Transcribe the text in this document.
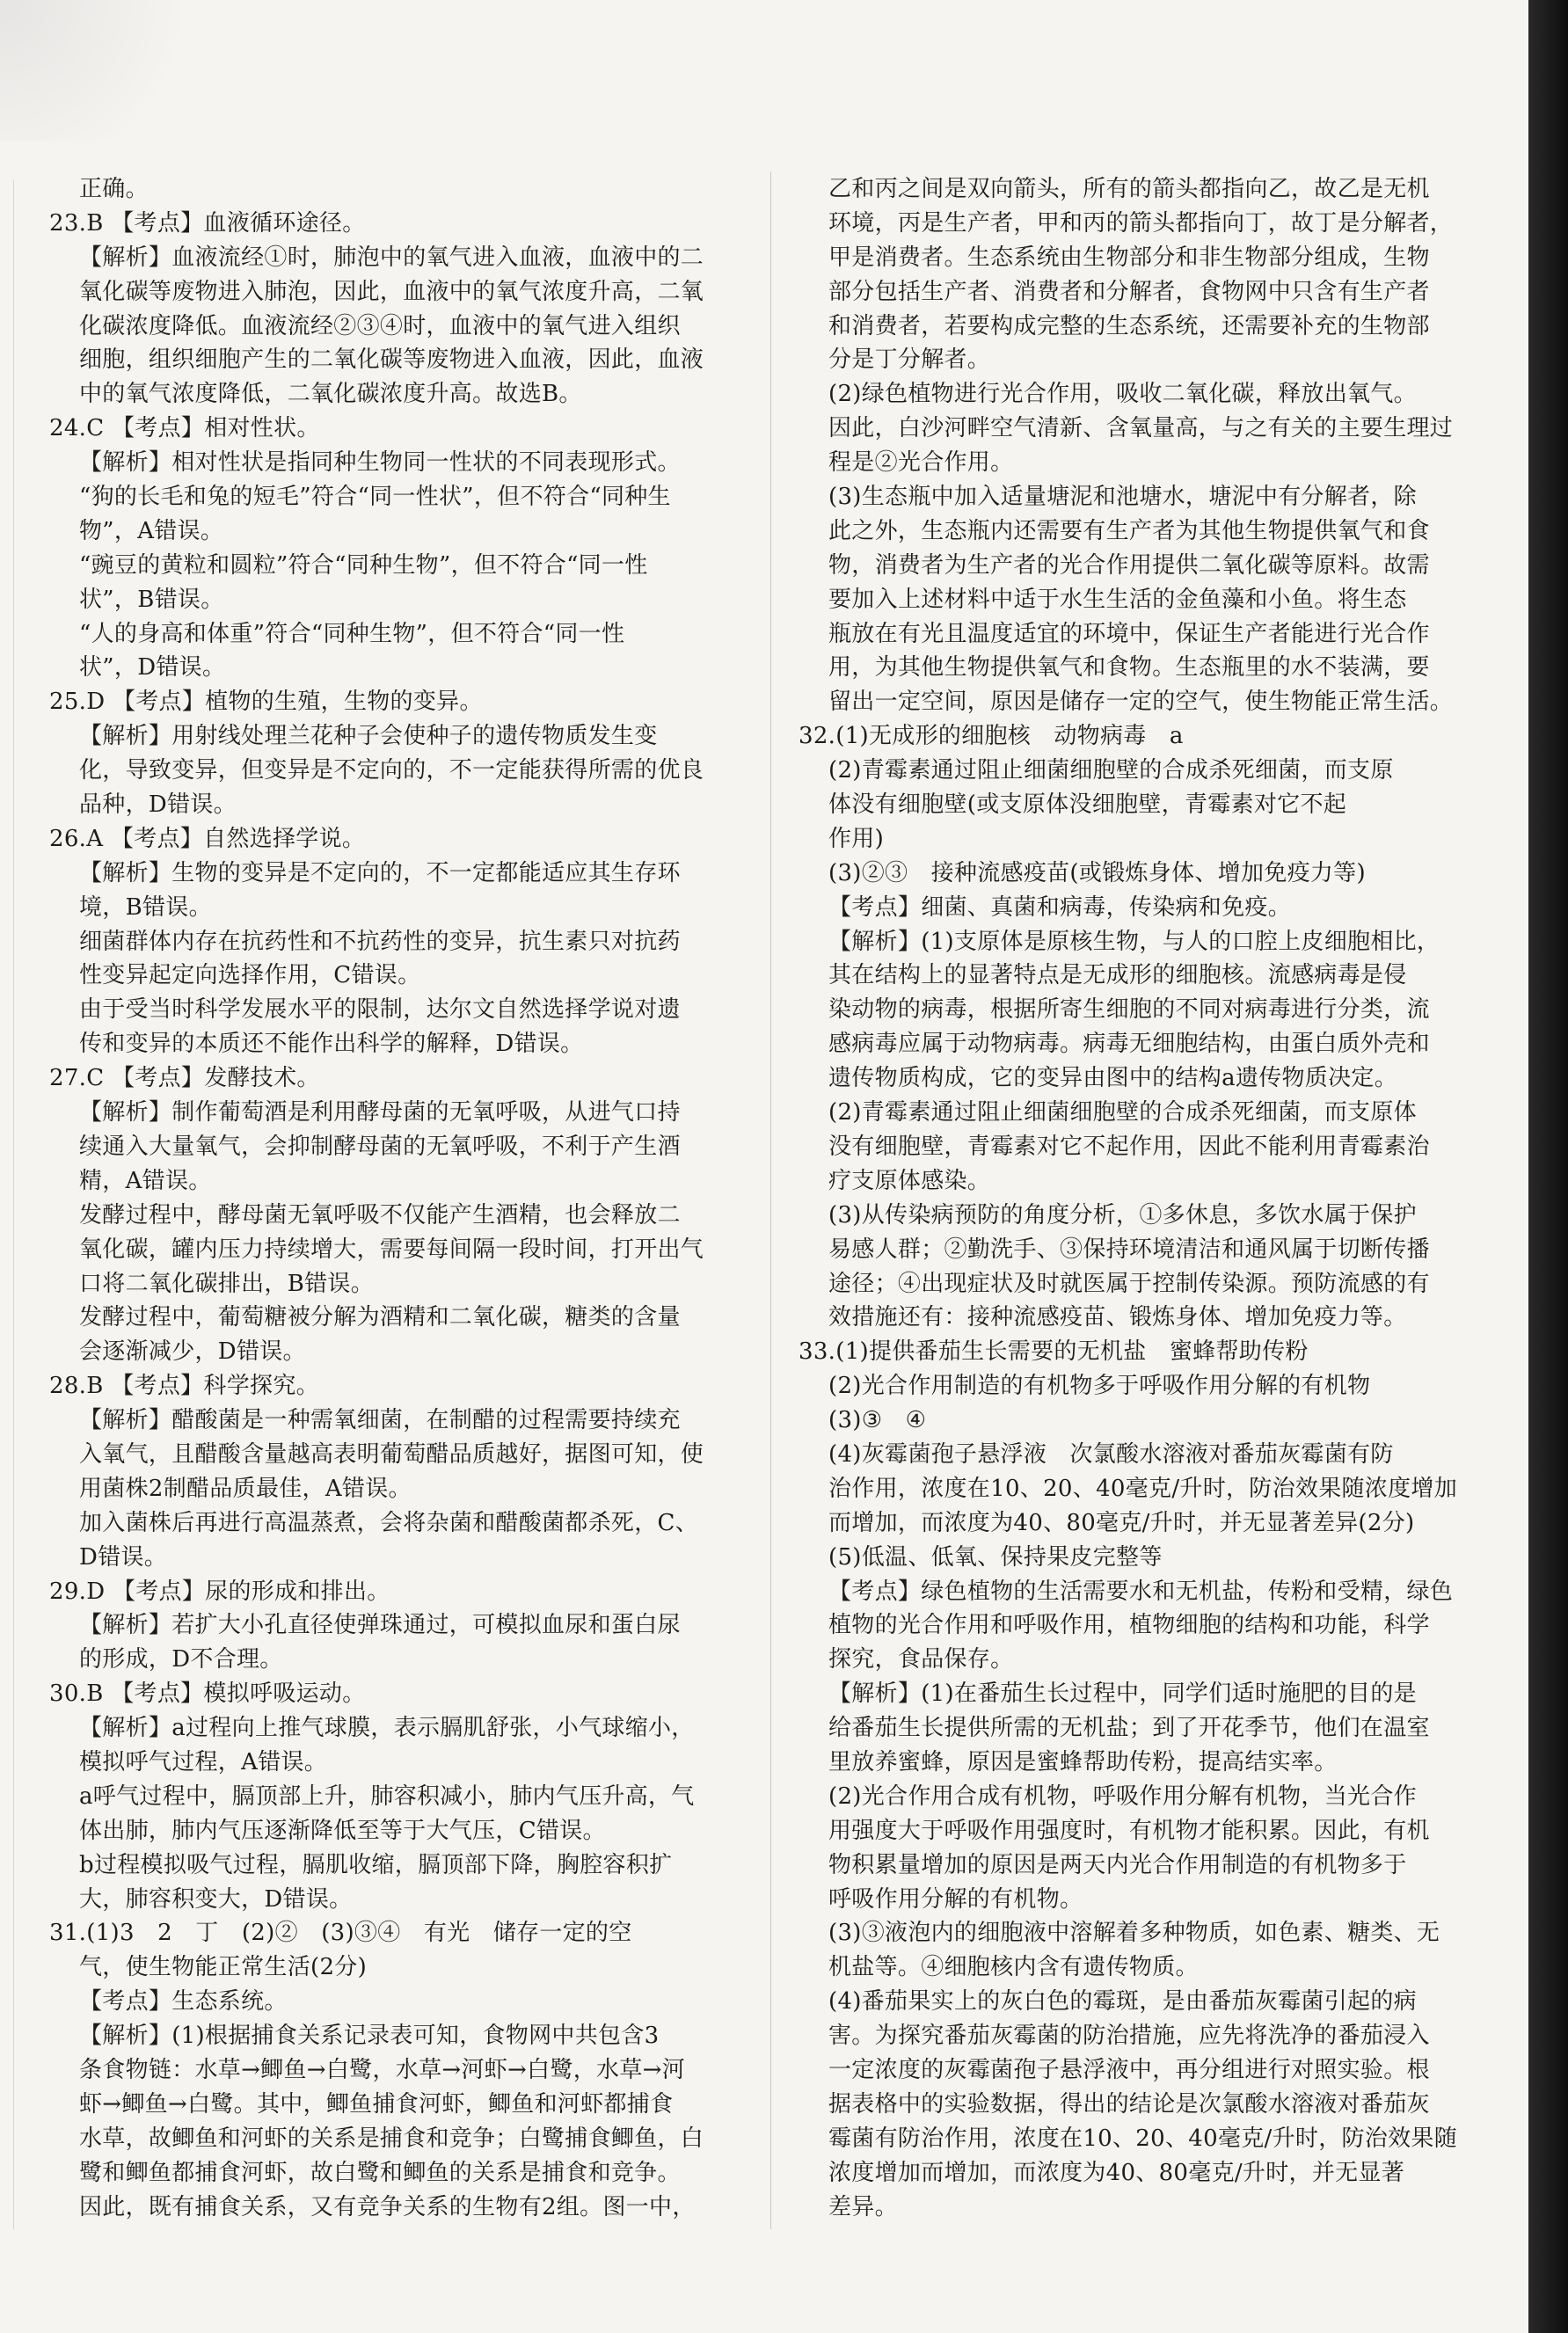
正确。
23.B 【考点】血液循环途径。
【解析】血液流经①时，肺泡中的氧气进入血液，血液中的二
氧化碳等废物进入肺泡，因此，血液中的氧气浓度升高，二氧
化碳浓度降低。血液流经②③④时，血液中的氧气进入组织
细胞，组织细胞产生的二氧化碳等废物进入血液，因此，血液
中的氧气浓度降低，二氧化碳浓度升高。故选B。
24.C 【考点】相对性状。
【解析】相对性状是指同种生物同一性状的不同表现形式。
“狗的长毛和兔的短毛”符合“同一性状”，但不符合“同种生
物”，A错误。
“豌豆的黄粒和圆粒”符合“同种生物”，但不符合“同一性
状”，B错误。
“人的身高和体重”符合“同种生物”，但不符合“同一性
状”，D错误。
25.D 【考点】植物的生殖，生物的变异。
【解析】用射线处理兰花种子会使种子的遗传物质发生变
化，导致变异，但变异是不定向的，不一定能获得所需的优良
品种，D错误。
26.A 【考点】自然选择学说。
【解析】生物的变异是不定向的，不一定都能适应其生存环
境，B错误。
细菌群体内存在抗药性和不抗药性的变异，抗生素只对抗药
性变异起定向选择作用，C错误。
由于受当时科学发展水平的限制，达尔文自然选择学说对遗
传和变异的本质还不能作出科学的解释，D错误。
27.C 【考点】发酵技术。
【解析】制作葡萄酒是利用酵母菌的无氧呼吸，从进气口持
续通入大量氧气，会抑制酵母菌的无氧呼吸，不利于产生酒
精，A错误。
发酵过程中，酵母菌无氧呼吸不仅能产生酒精，也会释放二
氧化碳，罐内压力持续增大，需要每间隔一段时间，打开出气
口将二氧化碳排出，B错误。
发酵过程中，葡萄糖被分解为酒精和二氧化碳，糖类的含量
会逐渐减少，D错误。
28.B 【考点】科学探究。
【解析】醋酸菌是一种需氧细菌，在制醋的过程需要持续充
入氧气，且醋酸含量越高表明葡萄醋品质越好，据图可知，使
用菌株2制醋品质最佳，A错误。
加入菌株后再进行高温蒸煮，会将杂菌和醋酸菌都杀死，C、
D错误。
29.D 【考点】尿的形成和排出。
【解析】若扩大小孔直径使弹珠通过，可模拟血尿和蛋白尿
的形成，D不合理。
30.B 【考点】模拟呼吸运动。
【解析】a过程向上推气球膜，表示膈肌舒张，小气球缩小，
模拟呼气过程，A错误。
a呼气过程中，膈顶部上升，肺容积减小，肺内气压升高，气
体出肺，肺内气压逐渐降低至等于大气压，C错误。
b过程模拟吸气过程，膈肌收缩，膈顶部下降，胸腔容积扩
大，肺容积变大，D错误。
31.(1)3　2　丁　(2)②　(3)③④　有光　储存一定的空
气，使生物能正常生活(2分)
【考点】生态系统。
【解析】(1)根据捕食关系记录表可知，食物网中共包含3
条食物链：水草→鲫鱼→白鹭，水草→河虾→白鹭，水草→河
虾→鲫鱼→白鹭。其中，鲫鱼捕食河虾，鲫鱼和河虾都捕食
水草，故鲫鱼和河虾的关系是捕食和竞争；白鹭捕食鲫鱼，白
鹭和鲫鱼都捕食河虾，故白鹭和鲫鱼的关系是捕食和竞争。
因此，既有捕食关系，又有竞争关系的生物有2组。图一中，
乙和丙之间是双向箭头，所有的箭头都指向乙，故乙是无机
环境，丙是生产者，甲和丙的箭头都指向丁，故丁是分解者，
甲是消费者。生态系统由生物部分和非生物部分组成，生物
部分包括生产者、消费者和分解者，食物网中只含有生产者
和消费者，若要构成完整的生态系统，还需要补充的生物部
分是丁分解者。
(2)绿色植物进行光合作用，吸收二氧化碳，释放出氧气。
因此，白沙河畔空气清新、含氧量高，与之有关的主要生理过
程是②光合作用。
(3)生态瓶中加入适量塘泥和池塘水，塘泥中有分解者，除
此之外，生态瓶内还需要有生产者为其他生物提供氧气和食
物，消费者为生产者的光合作用提供二氧化碳等原料。故需
要加入上述材料中适于水生生活的金鱼藻和小鱼。将生态
瓶放在有光且温度适宜的环境中，保证生产者能进行光合作
用，为其他生物提供氧气和食物。生态瓶里的水不装满，要
留出一定空间，原因是储存一定的空气，使生物能正常生活。
32.(1)无成形的细胞核　动物病毒　a
(2)青霉素通过阻止细菌细胞壁的合成杀死细菌，而支原
体没有细胞壁(或支原体没细胞壁，青霉素对它不起
作用)
(3)②③　接种流感疫苗(或锻炼身体、增加免疫力等)
【考点】细菌、真菌和病毒，传染病和免疫。
【解析】(1)支原体是原核生物，与人的口腔上皮细胞相比，
其在结构上的显著特点是无成形的细胞核。流感病毒是侵
染动物的病毒，根据所寄生细胞的不同对病毒进行分类，流
感病毒应属于动物病毒。病毒无细胞结构，由蛋白质外壳和
遗传物质构成，它的变异由图中的结构a遗传物质决定。
(2)青霉素通过阻止细菌细胞壁的合成杀死细菌，而支原体
没有细胞壁，青霉素对它不起作用，因此不能利用青霉素治
疗支原体感染。
(3)从传染病预防的角度分析，①多休息，多饮水属于保护
易感人群；②勤洗手、③保持环境清洁和通风属于切断传播
途径；④出现症状及时就医属于控制传染源。预防流感的有
效措施还有：接种流感疫苗、锻炼身体、增加免疫力等。
33.(1)提供番茄生长需要的无机盐　蜜蜂帮助传粉
(2)光合作用制造的有机物多于呼吸作用分解的有机物
(3)③　④
(4)灰霉菌孢子悬浮液　次氯酸水溶液对番茄灰霉菌有防
治作用，浓度在10、20、40毫克/升时，防治效果随浓度增加
而增加，而浓度为40、80毫克/升时，并无显著差异(2分)
(5)低温、低氧、保持果皮完整等
【考点】绿色植物的生活需要水和无机盐，传粉和受精，绿色
植物的光合作用和呼吸作用，植物细胞的结构和功能，科学
探究，食品保存。
【解析】(1)在番茄生长过程中，同学们适时施肥的目的是
给番茄生长提供所需的无机盐；到了开花季节，他们在温室
里放养蜜蜂，原因是蜜蜂帮助传粉，提高结实率。
(2)光合作用合成有机物，呼吸作用分解有机物，当光合作
用强度大于呼吸作用强度时，有机物才能积累。因此，有机
物积累量增加的原因是两天内光合作用制造的有机物多于
呼吸作用分解的有机物。
(3)③液泡内的细胞液中溶解着多种物质，如色素、糖类、无
机盐等。④细胞核内含有遗传物质。
(4)番茄果实上的灰白色的霉斑，是由番茄灰霉菌引起的病
害。为探究番茄灰霉菌的防治措施，应先将洗净的番茄浸入
一定浓度的灰霉菌孢子悬浮液中，再分组进行对照实验。根
据表格中的实验数据，得出的结论是次氯酸水溶液对番茄灰
霉菌有防治作用，浓度在10、20、40毫克/升时，防治效果随
浓度增加而增加，而浓度为40、80毫克/升时，并无显著
差异。
